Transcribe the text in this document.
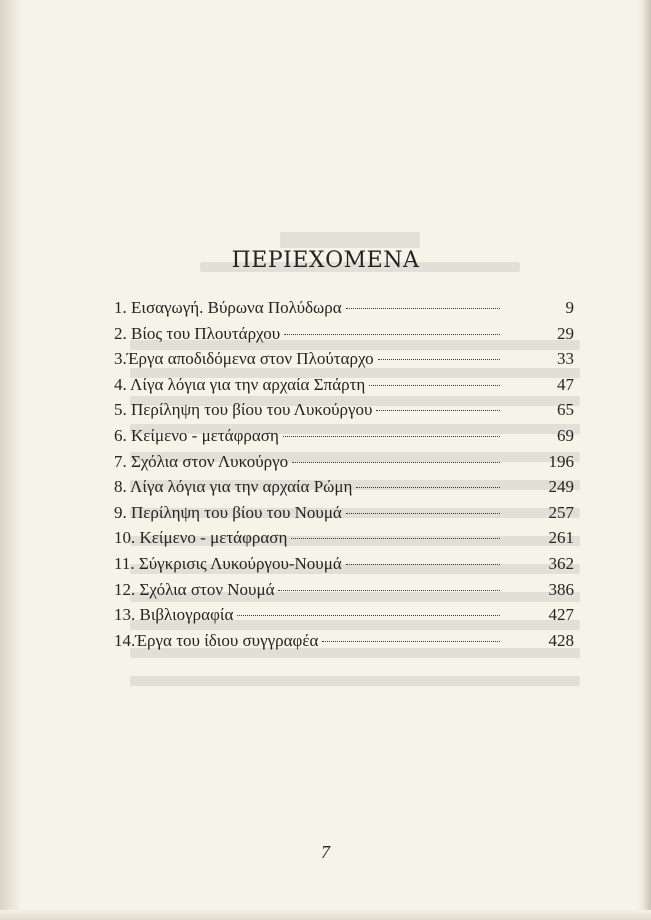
ΠΕΡΙΕΧΟΜΕΝΑ
1. Εισαγωγή. Βύρωνα Πολύδωρα	9
2. Βίος του Πλουτάρχου	29
3.Έργα αποδιδόμενα στον Πλούταρχο	33
4. Λίγα λόγια για την αρχαία Σπάρτη	47
5. Περίληψη του βίου του Λυκούργου	65
6. Κείμενο - μετάφραση	69
7. Σχόλια στον Λυκούργο	196
8. Λίγα λόγια για την αρχαία Ρώμη	249
9. Περίληψη του βίου του Νουμά	257
10. Κείμενο - μετάφραση	261
11. Σύγκρισις Λυκούργου-Νουμά	362
12. Σχόλια στον Νουμά	386
13. Βιβλιογραφία	427
14.Έργα του ίδιου συγγραφέα	428
7
